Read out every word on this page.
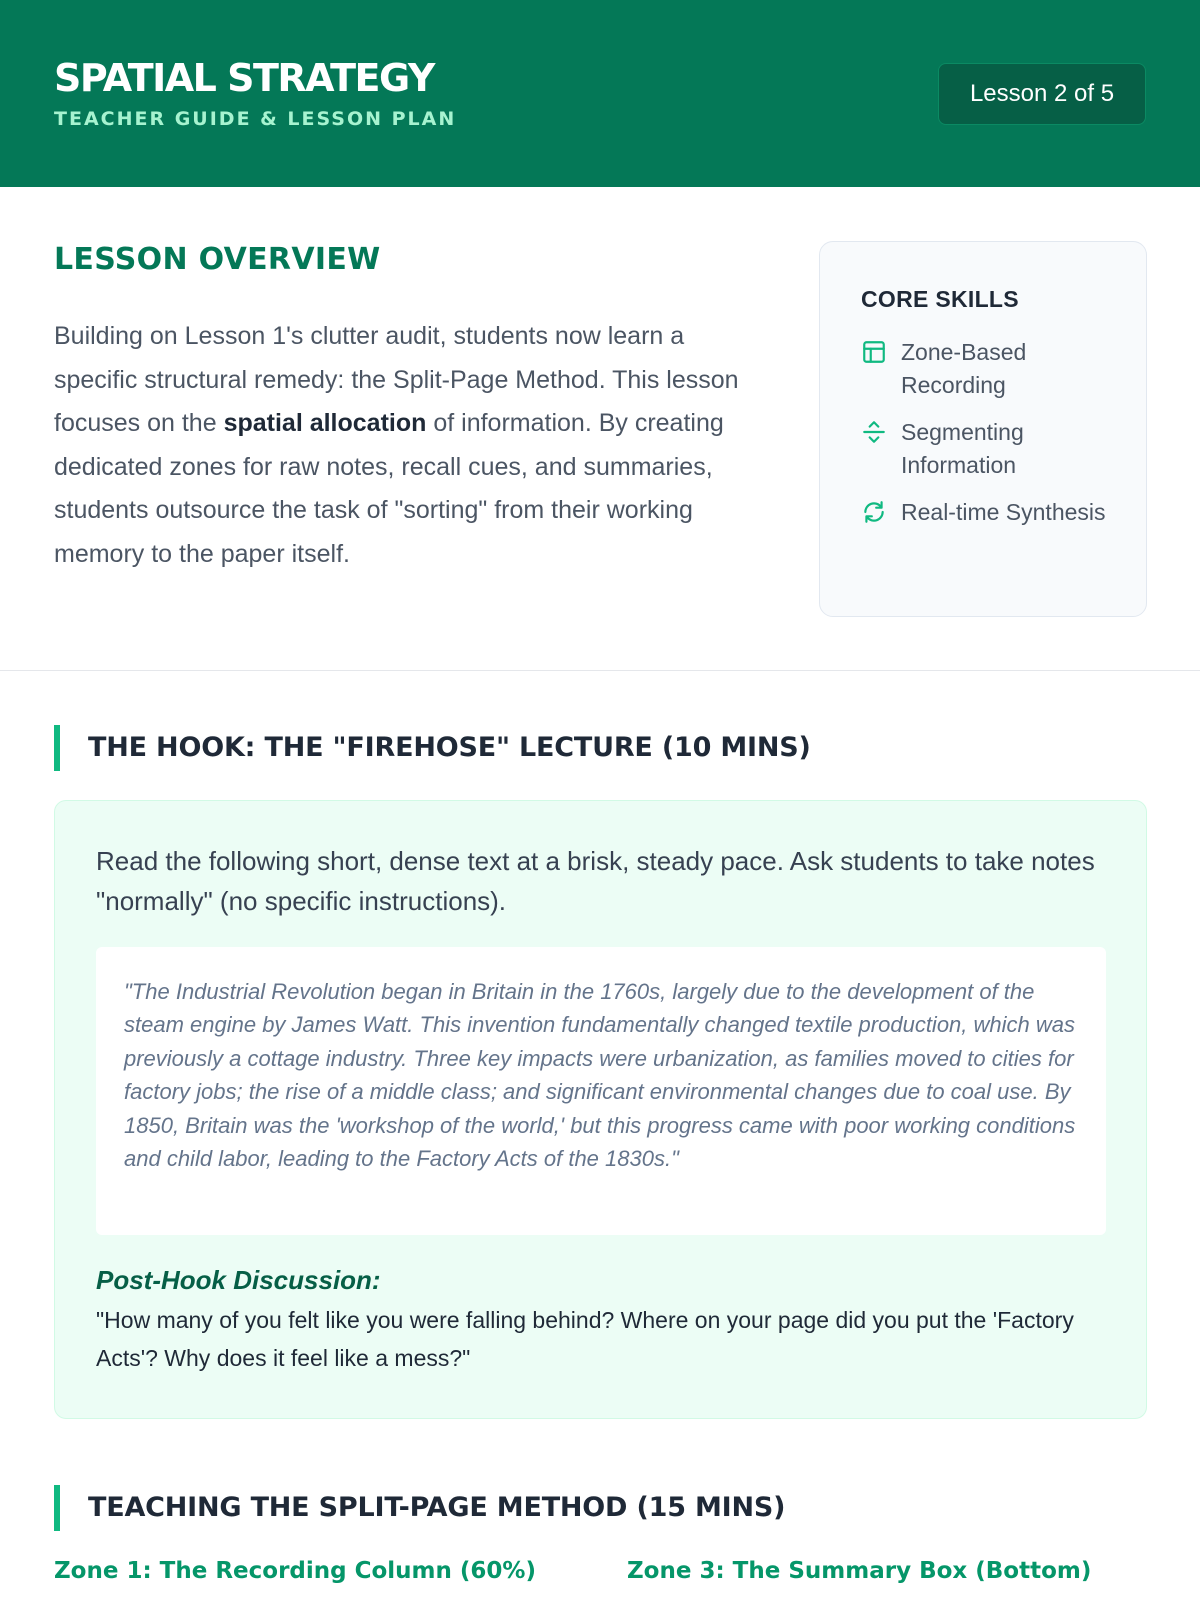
SPATIAL STRATEGY
TEACHER GUIDE & LESSON PLAN
Lesson 2 of 5
LESSON OVERVIEW

Building on Lesson 1's clutter audit, students now learn a specific structural remedy: the Split-Page Method. This lesson focuses on the spatial allocation of information. By creating dedicated zones for raw notes, recall cues, and summaries, students outsource the task of "sorting" from their working memory to the paper itself.

CORE SKILLS
Zone-Based Recording
Segmenting Information
Real-time Synthesis
THE HOOK: THE "FIREHOSE" LECTURE (10 MINS)

Read the following short, dense text at a brisk, steady pace. Ask students to take notes "normally" (no specific instructions).

"The Industrial Revolution began in Britain in the 1760s, largely due to the development of the steam engine by James Watt. This invention fundamentally changed textile production, which was previously a cottage industry. Three key impacts were urbanization, as families moved to cities for factory jobs; the rise of a middle class; and significant environmental changes due to coal use. By 1850, Britain was the 'workshop of the world,' but this progress came with poor working conditions and child labor, leading to the Factory Acts of the 1830s."
Post-Hook Discussion:

"How many of you felt like you were falling behind? Where on your page did you put the 'Factory Acts'? Why does it feel like a mess?"

TEACHING THE SPLIT-PAGE METHOD (15 MINS)
Zone 1: The Recording Column (60%)	Zone 3: The Summary Box (Bottom)
